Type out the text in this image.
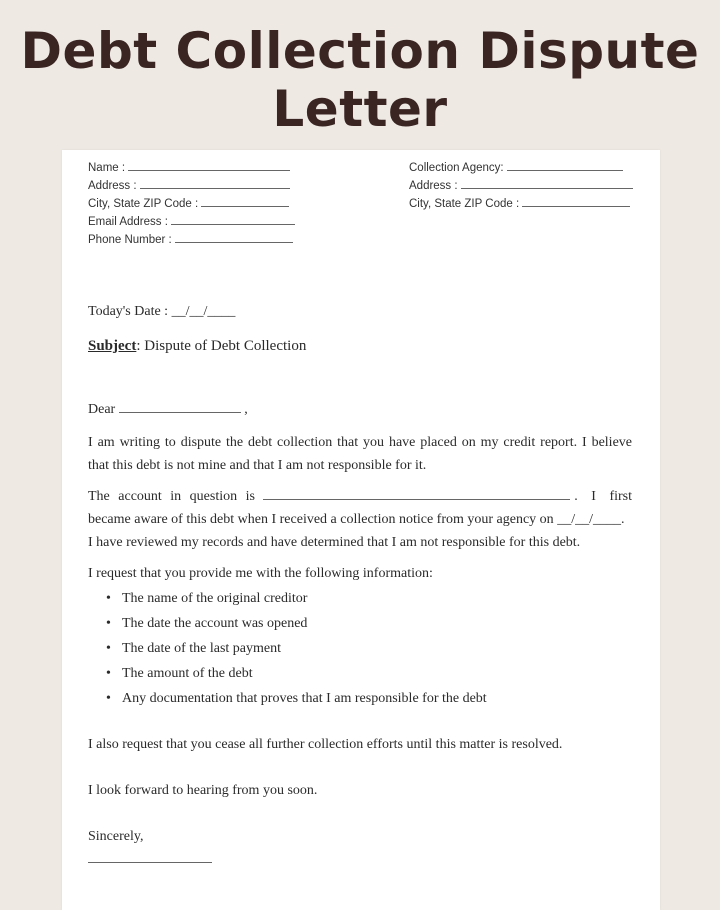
Debt Collection Dispute
Letter
Name :
Address :
City, State ZIP Code :
Email Address :
Phone Number :
Collection Agency:
Address :
City, State ZIP Code :
Today's Date : __/__/____
Subject: Dispute of Debt Collection
Dear	,
I am writing to dispute the debt collection that you have placed on my credit report. I believe that this debt is not mine and that I am not responsible for it.
The account in question is	. I first
became aware of this debt when I received a collection notice from your agency on __/__/____.
I have reviewed my records and have determined that I am not responsible for this debt.
I request that you provide me with the following information:
• The name of the original creditor
• The date the account was opened
• The date of the last payment
• The amount of the debt
• Any documentation that proves that I am responsible for the debt
I also request that you cease all further collection efforts until this matter is resolved.
I look forward to hearing from you soon.
Sincerely,
